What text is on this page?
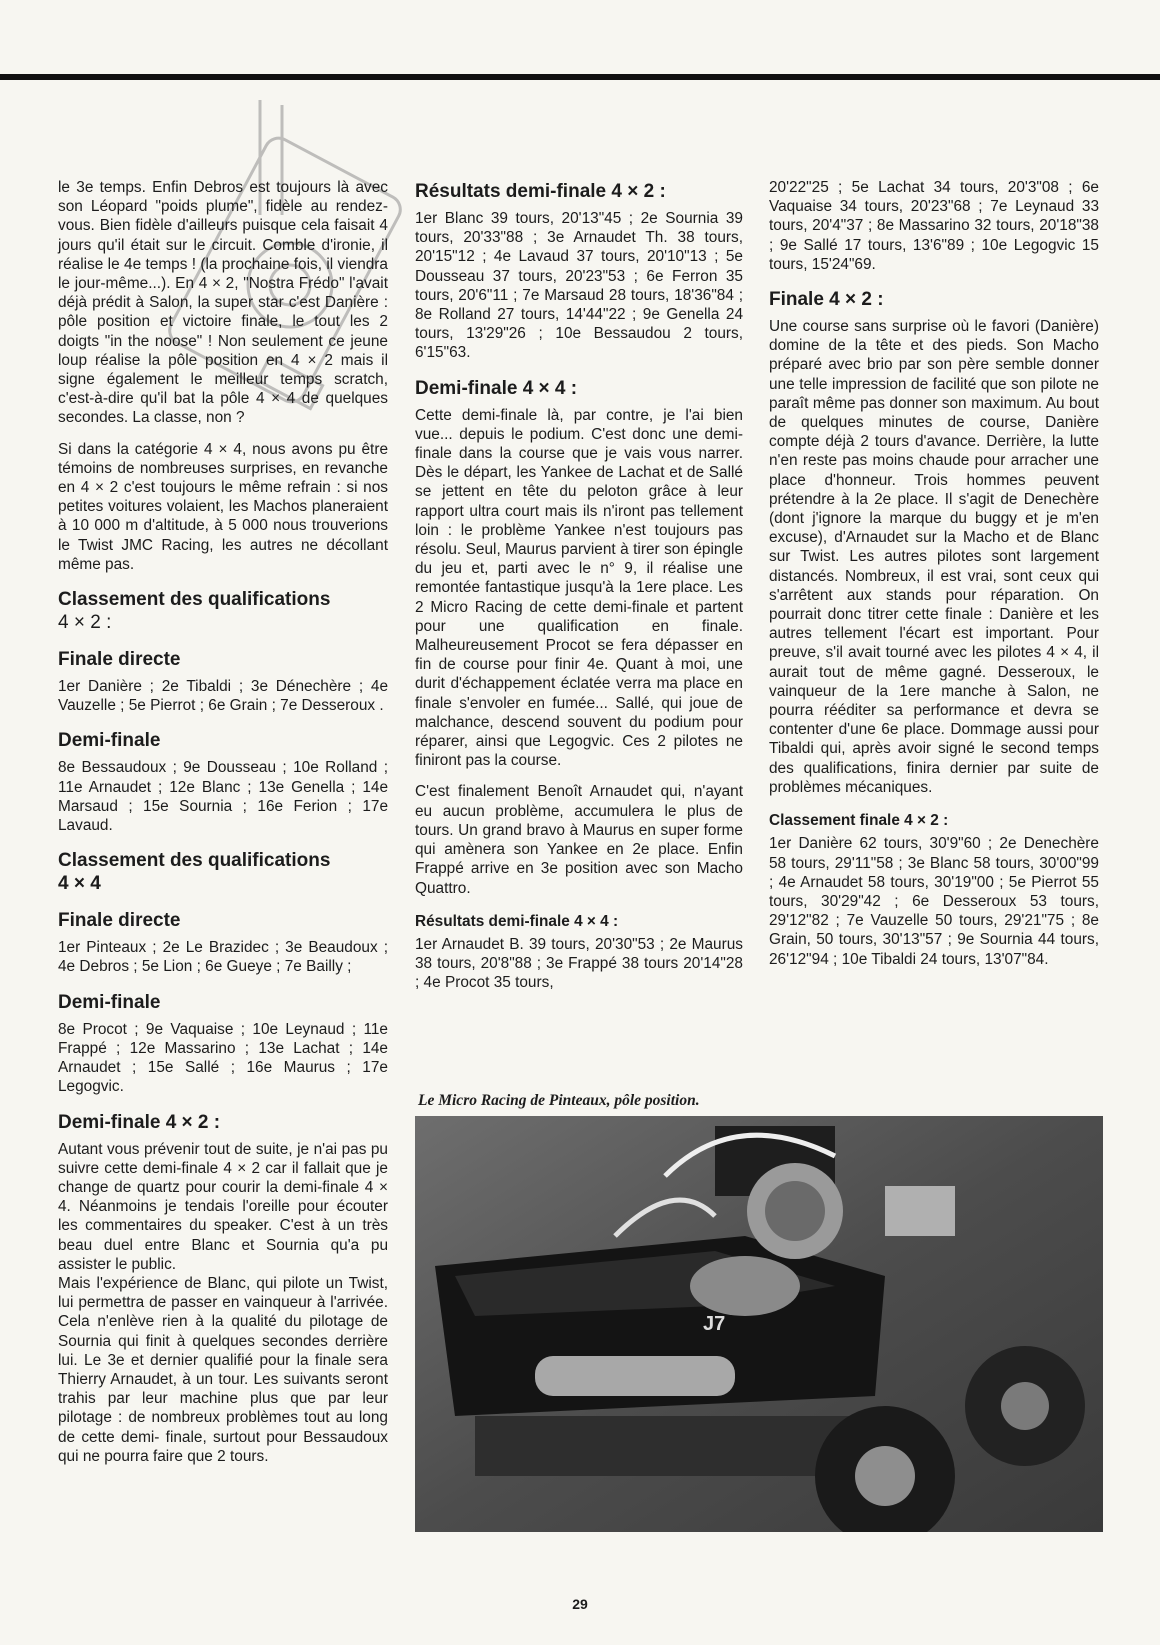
le 3e temps. Enfin Debros est toujours là avec son Léopard "poids plume", fidèle au rendez-vous. Bien fidèle d'ailleurs puisque cela faisait 4 jours qu'il était sur le circuit. Comble d'ironie, il réalise le 4e temps ! (la prochaine fois, il viendra le jour-même...). En 4 × 2, "Nostra Frédo" l'avait déjà prédit à Salon, la super star c'est Danière : pôle position et victoire finale, le tout les 2 doigts "in the noose" ! Non seulement ce jeune loup réalise la pôle position en 4 × 2 mais il signe également le meilleur temps scratch, c'est-à-dire qu'il bat la pôle 4 × 4 de quelques secondes. La classe, non ?

Si dans la catégorie 4 × 4, nous avons pu être témoins de nombreuses surprises, en revanche en 4 × 2 c'est toujours le même refrain : si nos petites voitures volaient, les Machos planeraient à 10 000 m d'altitude, à 5 000 nous trouverions le Twist JMC Racing, les autres ne décollant même pas.

Classement des qualifications
4 × 2 :
Finale directe

1er Danière ; 2e Tibaldi ; 3e Dénechère ; 4e Vauzelle ; 5e Pierrot ; 6e Grain ; 7e Desseroux .

Demi-finale

8e Bessaudoux ; 9e Dousseau ; 10e Rolland ; 11e Arnaudet ; 12e Blanc ; 13e Genella ; 14e Marsaud ; 15e Sournia ; 16e Ferion ; 17e Lavaud.

Classement des qualifications
4 × 4
Finale directe

1er Pinteaux ; 2e Le Brazidec ; 3e Beaudoux ; 4e Debros ; 5e Lion ; 6e Gueye ; 7e Bailly ;

Demi-finale

8e Procot ; 9e Vaquaise ; 10e Leynaud ; 11e Frappé ; 12e Massarino ; 13e Lachat ; 14e Arnaudet ; 15e Sallé ; 16e Maurus ; 17e Legogvic.

Demi-finale 4 × 2 :

Autant vous prévenir tout de suite, je n'ai pas pu suivre cette demi-finale 4 × 2 car il fallait que je change de quartz pour courir la demi-finale 4 × 4. Néanmoins je tendais l'oreille pour écouter les commentaires du speaker. C'est à un très beau duel entre Blanc et Sournia qu'a pu assister le public.

Mais l'expérience de Blanc, qui pilote un Twist, lui permettra de passer en vainqueur à l'arrivée. Cela n'enlève rien à la qualité du pilotage de Sournia qui finit à quelques secondes derrière lui. Le 3e et dernier qualifié pour la finale sera Thierry Arnaudet, à un tour. Les suivants seront trahis par leur machine plus que par leur pilotage : de nombreux problèmes tout au long de cette demi- finale, surtout pour Bessaudoux qui ne pourra faire que 2 tours.

Résultats demi-finale 4 × 2 :

1er Blanc 39 tours, 20'13"45 ; 2e Sournia 39 tours, 20'33"88 ; 3e Arnaudet Th. 38 tours, 20'15"12 ; 4e Lavaud 37 tours, 20'10"13 ; 5e Dousseau 37 tours, 20'23"53 ; 6e Ferron 35 tours, 20'6"11 ; 7e Marsaud 28 tours, 18'36"84 ; 8e Rolland 27 tours, 14'44"22 ; 9e Genella 24 tours, 13'29"26 ; 10e Bessaudou 2 tours, 6'15"63.

Demi-finale 4 × 4 :

Cette demi-finale là, par contre, je l'ai bien vue... depuis le podium. C'est donc une demi-finale dans la course que je vais vous narrer. Dès le départ, les Yankee de Lachat et de Sallé se jettent en tête du peloton grâce à leur rapport ultra court mais ils n'iront pas tellement loin : le problème Yankee n'est toujours pas résolu. Seul, Maurus parvient à tirer son épingle du jeu et, parti avec le n° 9, il réalise une remontée fantastique jusqu'à la 1ere place. Les 2 Micro Racing de cette demi-finale et partent pour une qualification en finale. Malheureusement Procot se fera dépasser en fin de course pour finir 4e. Quant à moi, une durit d'échappement éclatée verra ma place en finale s'envoler en fumée... Sallé, qui joue de malchance, descend souvent du podium pour réparer, ainsi que Legogvic. Ces 2 pilotes ne finiront pas la course.

C'est finalement Benoît Arnaudet qui, n'ayant eu aucun problème, accumulera le plus de tours. Un grand bravo à Maurus en super forme qui amènera son Yankee en 2e place. Enfin Frappé arrive en 3e position avec son Macho Quattro.

Résultats demi-finale 4 × 4 :

1er Arnaudet B. 39 tours, 20'30"53 ; 2e Maurus 38 tours, 20'8"88 ; 3e Frappé 38 tours 20'14"28 ; 4e Procot 35 tours,

20'22"25 ; 5e Lachat 34 tours, 20'3"08 ; 6e Vaquaise 34 tours, 20'23"68 ; 7e Leynaud 33 tours, 20'4"37 ; 8e Massarino 32 tours, 20'18"38 ; 9e Sallé 17 tours, 13'6"89 ; 10e Legogvic 15 tours, 15'24"69.

Finale 4 × 2 :

Une course sans surprise où le favori (Danière) domine de la tête et des pieds. Son Macho préparé avec brio par son père semble donner une telle impression de facilité que son pilote ne paraît même pas donner son maximum. Au bout de quelques minutes de course, Danière compte déjà 2 tours d'avance. Derrière, la lutte n'en reste pas moins chaude pour arracher une place d'honneur. Trois hommes peuvent prétendre à la 2e place. Il s'agit de Denechère (dont j'ignore la marque du buggy et je m'en excuse), d'Arnaudet sur la Macho et de Blanc sur Twist. Les autres pilotes sont largement distancés. Nombreux, il est vrai, sont ceux qui s'arrêtent aux stands pour réparation. On pourrait donc titrer cette finale : Danière et les autres tellement l'écart est important. Pour preuve, s'il avait tourné avec les pilotes 4 × 4, il aurait tout de même gagné. Desseroux, le vainqueur de la 1ere manche à Salon, ne pourra rééditer sa performance et devra se contenter d'une 6e place. Dommage aussi pour Tibaldi qui, après avoir signé le second temps des qualifications, finira dernier par suite de problèmes mécaniques.

Classement finale 4 × 2 :

1er Danière 62 tours, 30'9"60 ; 2e Denechère 58 tours, 29'11"58 ; 3e Blanc 58 tours, 30'00"99 ; 4e Arnaudet 58 tours, 30'19"00 ; 5e Pierrot 55 tours, 30'29"42 ; 6e Desseroux 53 tours, 29'12"82 ; 7e Vauzelle 50 tours, 29'21"75 ; 8e Grain, 50 tours, 30'13"57 ; 9e Sournia 44 tours, 26'12"94 ; 10e Tibaldi 24 tours, 13'07"84.

Le Micro Racing de Pinteaux, pôle position.
J7
29
